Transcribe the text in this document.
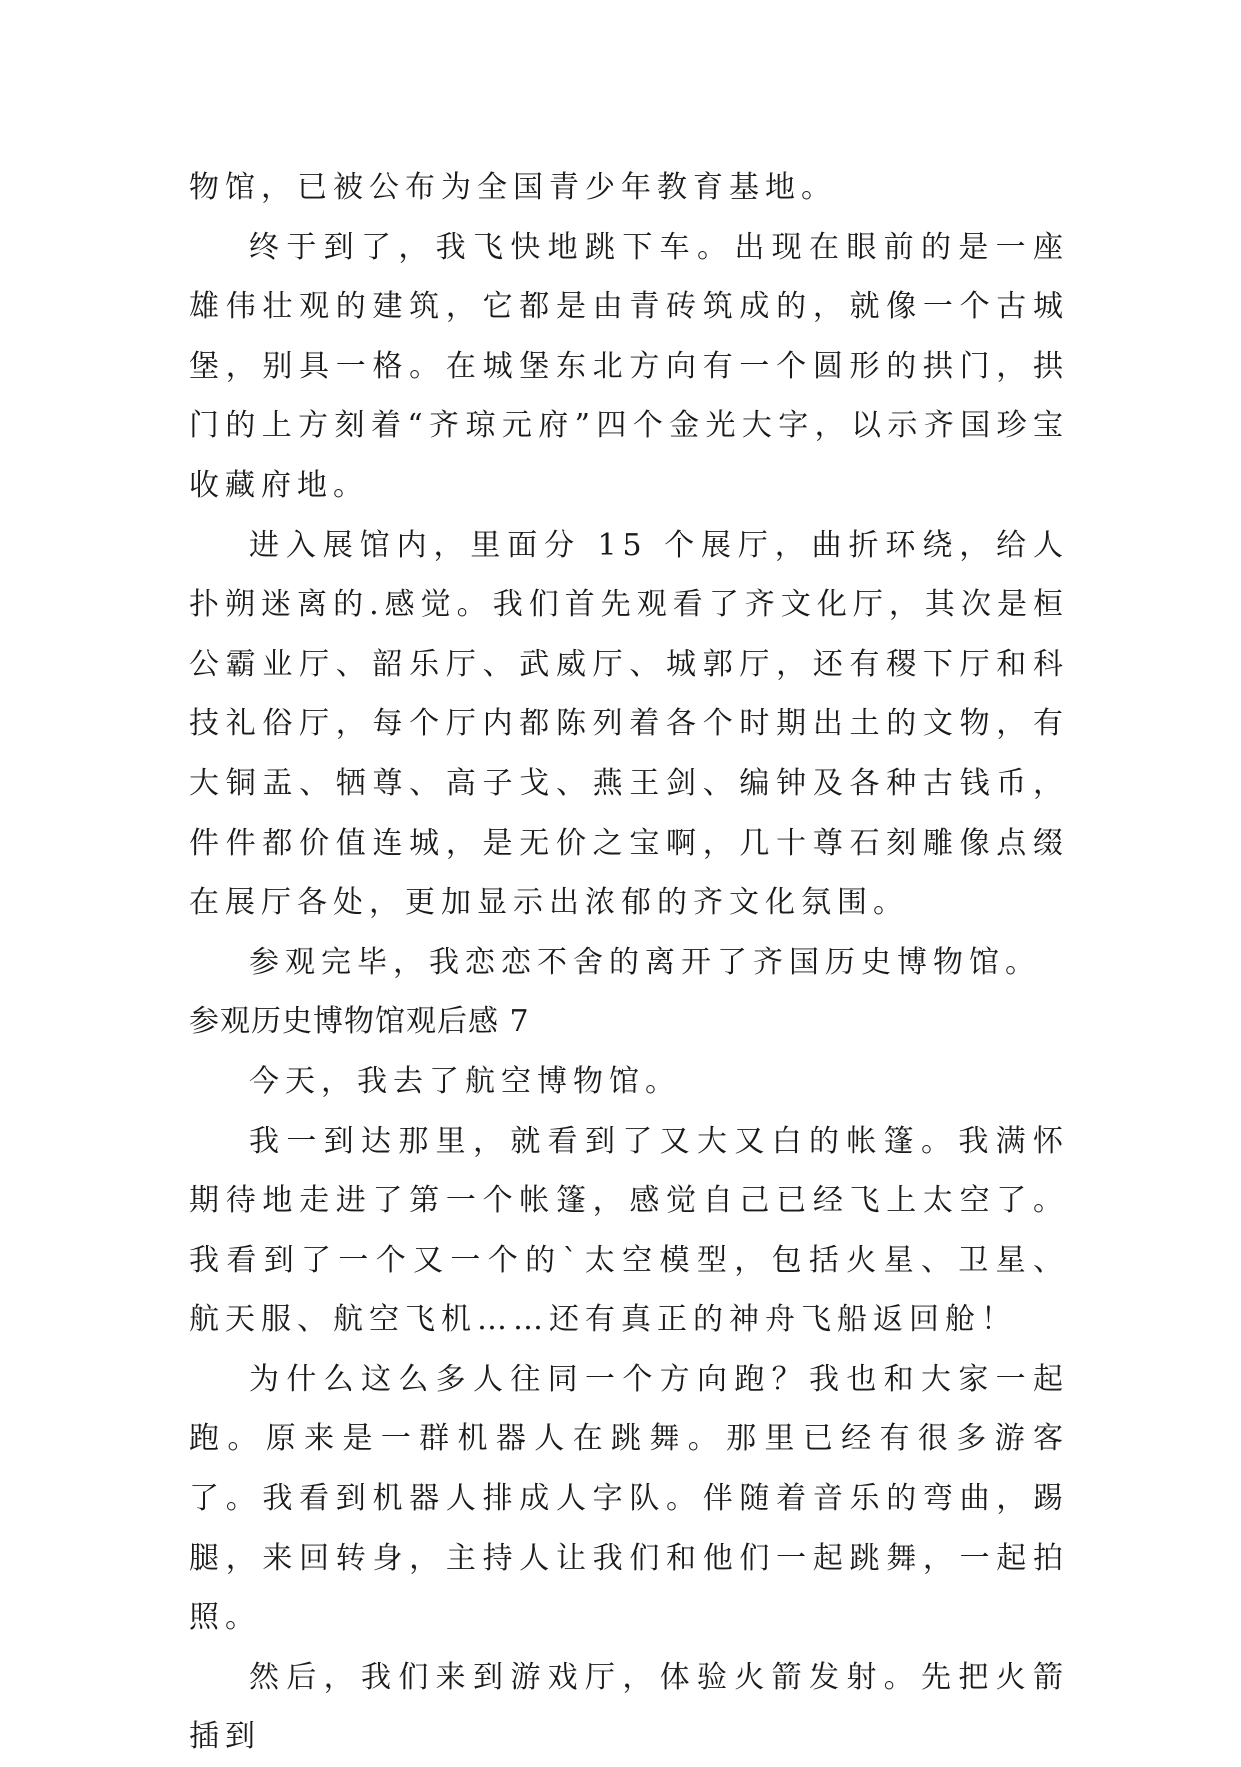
物馆，已被公布为全国青少年教育基地。

终于到了，我飞快地跳下车。出现在眼前的是一座雄伟壮观的建筑，它都是由青砖筑成的，就像一个古城堡，别具一格。在城堡东北方向有一个圆形的拱门，拱门的上方刻着“齐琼元府”四个金光大字，以示齐国珍宝收藏府地。

进入展馆内，里面分 15 个展厅，曲折环绕，给人扑朔迷离的.感觉。我们首先观看了齐文化厅，其次是桓公霸业厅、韶乐厅、武威厅、城郭厅，还有稷下厅和科技礼俗厅，每个厅内都陈列着各个时期出土的文物，有大铜盂、牺尊、高子戈、燕王剑、编钟及各种古钱币，件件都价值连城，是无价之宝啊，几十尊石刻雕像点缀在展厅各处，更加显示出浓郁的齐文化氛围。

参观完毕，我恋恋不舍的离开了齐国历史博物馆。

参观历史博物馆观后感 7

今天，我去了航空博物馆。

我一到达那里，就看到了又大又白的帐篷。我满怀期待地走进了第一个帐篷，感觉自己已经飞上太空了。我看到了一个又一个的`太空模型，包括火星、卫星、航天服、航空飞机……还有真正的神舟飞船返回舱！

为什么这么多人往同一个方向跑？我也和大家一起跑。原来是一群机器人在跳舞。那里已经有很多游客了。我看到机器人排成人字队。伴随着音乐的弯曲，踢腿，来回转身，主持人让我们和他们一起跳舞，一起拍照。

然后，我们来到游戏厅，体验火箭发射。先把火箭插到
